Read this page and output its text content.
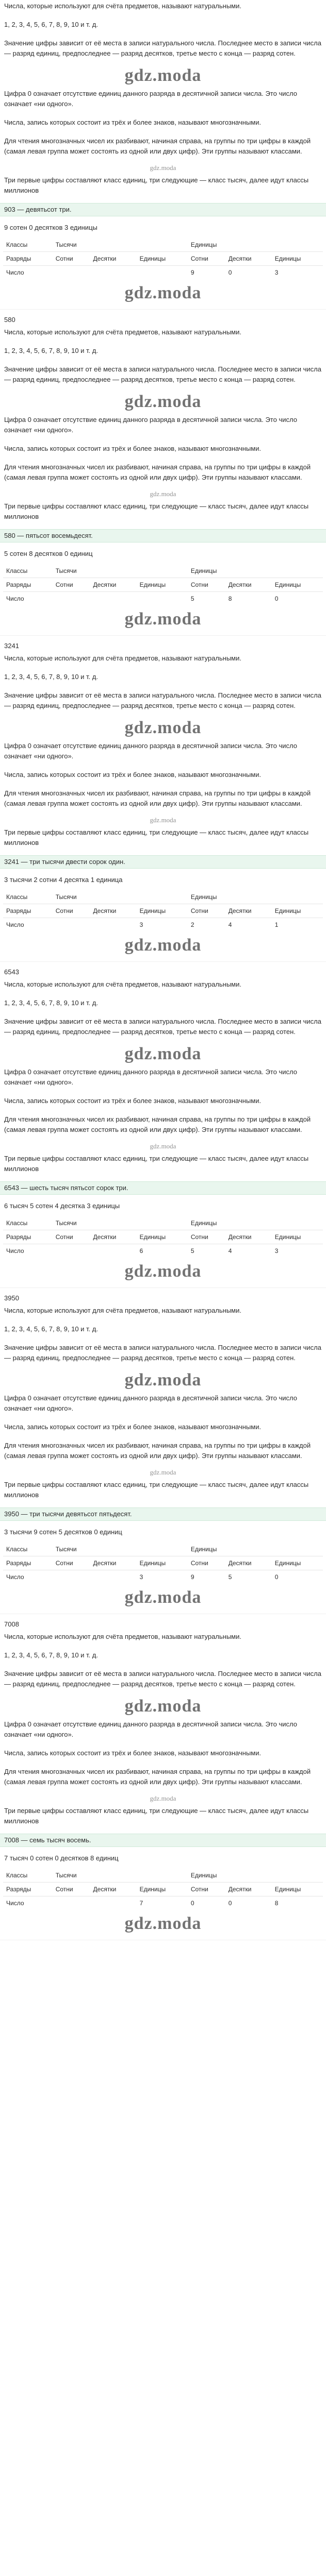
Числа, которые используют для счёта предметов, называют натуральными.
1, 2, 3, 4, 5, 6, 7, 8, 9, 10 и т. д.
Значение цифры зависит от её места в записи натурального числа. Последнее место в записи числа — разряд единиц, предпоследнее — разряд десятков, третье место с конца — разряд сотен.
gdz.moda
Цифра 0 означает отсутствие единиц данного разряда в десятичной записи числа. Это число означает «ни одного».
Числа, запись которых состоит из трёх и более знаков, называют многозначными.
Для чтения многозначных чисел их разбивают, начиная справа, на группы по три цифры в каждой (самая левая группа может состоять из одной или двух цифр). Эти группы называют классами.
gdz.moda
Три первые цифры составляют класс единиц, три следующие — класс тысяч, далее идут классы миллионов
903 — девятьсот три.
9 сотен 0 десятков 3 единицы
Классы	Тысячи			Единицы		
Разряды	Сотни	Десятки	Единицы	Сотни	Десятки	Единицы
Число				9	0	3
gdz.moda
580
Числа, которые используют для счёта предметов, называют натуральными.
1, 2, 3, 4, 5, 6, 7, 8, 9, 10 и т. д.
Значение цифры зависит от её места в записи натурального числа. Последнее место в записи числа — разряд единиц, предпоследнее — разряд десятков, третье место с конца — разряд сотен.
gdz.moda
Цифра 0 означает отсутствие единиц данного разряда в десятичной записи числа. Это число означает «ни одного».
Числа, запись которых состоит из трёх и более знаков, называют многозначными.
Для чтения многозначных чисел их разбивают, начиная справа, на группы по три цифры в каждой (самая левая группа может состоять из одной или двух цифр). Эти группы называют классами.
gdz.moda
Три первые цифры составляют класс единиц, три следующие — класс тысяч, далее идут классы миллионов
580 — пятьсот восемьдесят.
5 сотен 8 десятков 0 единиц
Классы	Тысячи			Единицы		
Разряды	Сотни	Десятки	Единицы	Сотни	Десятки	Единицы
Число				5	8	0
gdz.moda
3241
Числа, которые используют для счёта предметов, называют натуральными.
1, 2, 3, 4, 5, 6, 7, 8, 9, 10 и т. д.
Значение цифры зависит от её места в записи натурального числа. Последнее место в записи числа — разряд единиц, предпоследнее — разряд десятков, третье место с конца — разряд сотен.
gdz.moda
Цифра 0 означает отсутствие единиц данного разряда в десятичной записи числа. Это число означает «ни одного».
Числа, запись которых состоит из трёх и более знаков, называют многозначными.
Для чтения многозначных чисел их разбивают, начиная справа, на группы по три цифры в каждой (самая левая группа может состоять из одной или двух цифр). Эти группы называют классами.
gdz.moda
Три первые цифры составляют класс единиц, три следующие — класс тысяч, далее идут классы миллионов
3241 — три тысячи двести сорок один.
3 тысячи 2 сотни 4 десятка 1 единица
Классы	Тысячи			Единицы		
Разряды	Сотни	Десятки	Единицы	Сотни	Десятки	Единицы
Число			3	2	4	1
gdz.moda
6543
Числа, которые используют для счёта предметов, называют натуральными.
1, 2, 3, 4, 5, 6, 7, 8, 9, 10 и т. д.
Значение цифры зависит от её места в записи натурального числа. Последнее место в записи числа — разряд единиц, предпоследнее — разряд десятков, третье место с конца — разряд сотен.
gdz.moda
Цифра 0 означает отсутствие единиц данного разряда в десятичной записи числа. Это число означает «ни одного».
Числа, запись которых состоит из трёх и более знаков, называют многозначными.
Для чтения многозначных чисел их разбивают, начиная справа, на группы по три цифры в каждой (самая левая группа может состоять из одной или двух цифр). Эти группы называют классами.
gdz.moda
Три первые цифры составляют класс единиц, три следующие — класс тысяч, далее идут классы миллионов
6543 — шесть тысяч пятьсот сорок три.
6 тысяч 5 сотен 4 десятка 3 единицы
Классы	Тысячи			Единицы		
Разряды	Сотни	Десятки	Единицы	Сотни	Десятки	Единицы
Число			6	5	4	3
gdz.moda
3950
Числа, которые используют для счёта предметов, называют натуральными.
1, 2, 3, 4, 5, 6, 7, 8, 9, 10 и т. д.
Значение цифры зависит от её места в записи натурального числа. Последнее место в записи числа — разряд единиц, предпоследнее — разряд десятков, третье место с конца — разряд сотен.
gdz.moda
Цифра 0 означает отсутствие единиц данного разряда в десятичной записи числа. Это число означает «ни одного».
Числа, запись которых состоит из трёх и более знаков, называют многозначными.
Для чтения многозначных чисел их разбивают, начиная справа, на группы по три цифры в каждой (самая левая группа может состоять из одной или двух цифр). Эти группы называют классами.
gdz.moda
Три первые цифры составляют класс единиц, три следующие — класс тысяч, далее идут классы миллионов
3950 — три тысячи девятьсот пятьдесят.
3 тысячи 9 сотен 5 десятков 0 единиц
Классы	Тысячи			Единицы		
Разряды	Сотни	Десятки	Единицы	Сотни	Десятки	Единицы
Число			3	9	5	0
gdz.moda
7008
Числа, которые используют для счёта предметов, называют натуральными.
1, 2, 3, 4, 5, 6, 7, 8, 9, 10 и т. д.
Значение цифры зависит от её места в записи натурального числа. Последнее место в записи числа — разряд единиц, предпоследнее — разряд десятков, третье место с конца — разряд сотен.
gdz.moda
Цифра 0 означает отсутствие единиц данного разряда в десятичной записи числа. Это число означает «ни одного».
Числа, запись которых состоит из трёх и более знаков, называют многозначными.
Для чтения многозначных чисел их разбивают, начиная справа, на группы по три цифры в каждой (самая левая группа может состоять из одной или двух цифр). Эти группы называют классами.
gdz.moda
Три первые цифры составляют класс единиц, три следующие — класс тысяч, далее идут классы миллионов
7008 — семь тысяч восемь.
7 тысяч 0 сотен 0 десятков 8 единиц
Классы	Тысячи			Единицы		
Разряды	Сотни	Десятки	Единицы	Сотни	Десятки	Единицы
Число			7	0	0	8
gdz.moda
